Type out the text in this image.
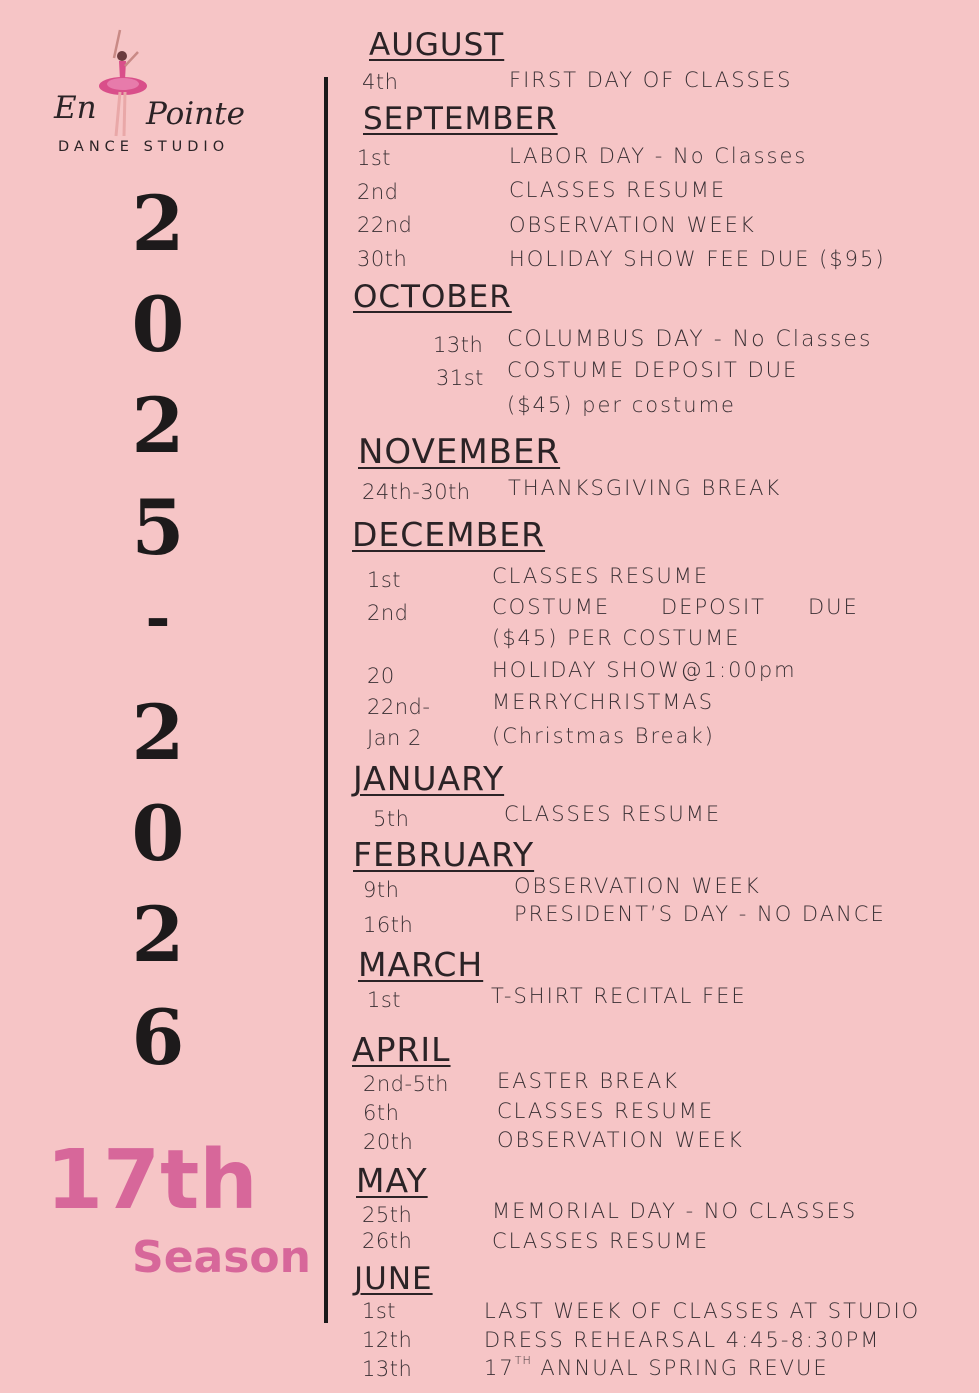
En Pointe
DANCE STUDIO
2
0
2
5
-
2
0
2
6
17th
Season
AUGUST
4th	FIRST DAY OF CLASSES
SEPTEMBER
1st	LABOR DAY - No Classes
2nd	CLASSES RESUME
22nd	OBSERVATION WEEK
30th	HOLIDAY SHOW FEE DUE ($95)
OCTOBER
13th COLUMBUS DAY - No Classes
31st COSTUME DEPOSIT DUE
($45) per costume
NOVEMBER
24th-30th THANKSGIVING BREAK
DECEMBER
1st	CLASSES RESUME
2nd	COSTUME DEPOSIT DUE
($45) PER COSTUME
20	HOLIDAY SHOW@1:00pm
22nd-	MERRYCHRISTMAS
Jan 2	(Christmas Break)
JANUARY
5th	CLASSES RESUME
FEBRUARY
9th	OBSERVATION WEEK
16th	PRESIDENT’S DAY - NO DANCE
MARCH
1st	T-SHIRT RECITAL FEE
APRIL
2nd-5th EASTER BREAK
6th	CLASSES RESUME
20th	OBSERVATION WEEK
MAY
25th	MEMORIAL DAY - NO CLASSES
26th	CLASSES RESUME
JUNE
1st	LAST WEEK OF CLASSES AT STUDIO
12th	DRESS REHEARSAL 4:45-8:30PM
13th	17TH ANNUAL SPRING REVUE
